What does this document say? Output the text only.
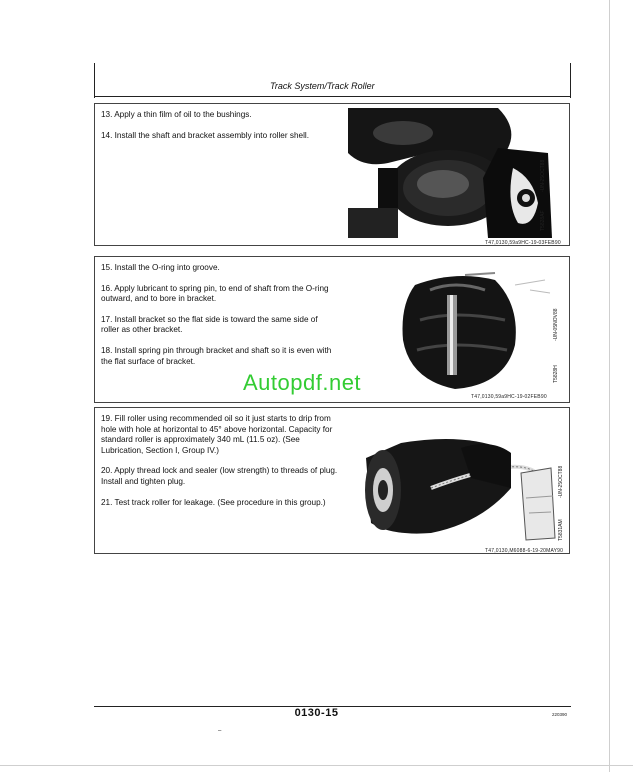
Track System/Track Roller

13. Apply a thin film of oil to the bushings.

14. Install the shaft and bracket assembly into roller shell.

T47,0130,59a9HC-19-03FEB90
-UN-25OCT88
T5828AF

15. Install the O-ring into groove.

16. Apply lubricant to spring pin, to end of shaft from the O-ring outward, and to bore in bracket.

17. Install bracket so the flat side is toward the same side of roller as other bracket.

18. Install spring pin through bracket and shaft so it is even with the flat surface of bracket.

T47,0130,59a9HC-19-02FEB90
-UN-05NOV88
T5828H

19. Fill roller using recommended oil so it just starts to drip from hole with hole at horizontal to 45° above horizontal. Capacity for standard roller is approximately 340 mL (11.5 oz). (See Lubrication, Section I, Group IV.)

20. Apply thread lock and sealer (low strength) to threads of plug. Install and tighten plug.

21. Test track roller for leakage. (See procedure in this group.)

T47,0130,M6088-6-19-20MAY90
-UN-25OCT88
T5831AM
Autopdf.net
0130-15	220390
–
